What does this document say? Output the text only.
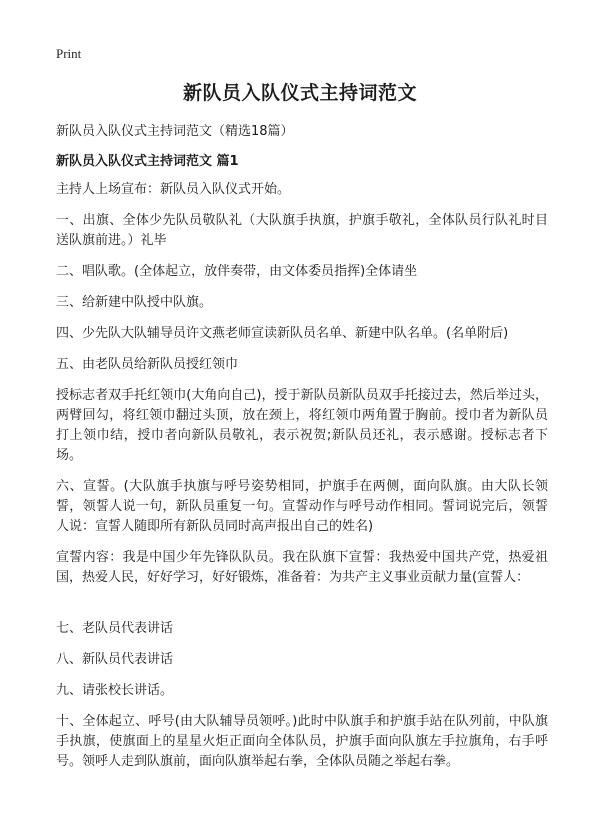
Print
新队员入队仪式主持词范文

新队员入队仪式主持词范文（精选18篇）

新队员入队仪式主持词范文 篇1

主持人上场宣布：新队员入队仪式开始。

一、出旗、全体少先队员敬队礼（大队旗手执旗，护旗手敬礼，全体队员行队礼时目送队旗前进。）礼毕

二、唱队歌。(全体起立，放伴奏带，由文体委员指挥)全体请坐

三、给新建中队授中队旗。

四、少先队大队辅导员许文燕老师宣读新队员名单、新建中队名单。(名单附后)

五、由老队员给新队员授红领巾

授标志者双手托红领巾(大角向自己)，授于新队员新队员双手托接过去，然后举过头，两臂回勾，将红领巾翻过头顶，放在颈上，将红领巾两角置于胸前。授巾者为新队员打上领巾结，授巾者向新队员敬礼，表示祝贺;新队员还礼，表示感谢。授标志者下场。

六、宣誓。(大队旗手执旗与呼号姿势相同，护旗手在两侧，面向队旗。由大队长领誓，领誓人说一句，新队员重复一句。宣誓动作与呼号动作相同。誓词说完后，领誓人说：宣誓人随即所有新队员同时高声报出自己的姓名)

宣誓内容：我是中国少年先锋队队员。我在队旗下宣誓：我热爱中国共产党，热爱祖国，热爱人民，好好学习，好好锻炼，准备着：为共产主义事业贡献力量(宣誓人：

七、老队员代表讲话

八、新队员代表讲话

九、请张校长讲话。

十、全体起立、呼号(由大队辅导员领呼。)此时中队旗手和护旗手站在队列前，中队旗手执旗，使旗面上的星星火炬正面向全体队员，护旗手面向队旗左手拉旗角，右手呼号。领呼人走到队旗前，面向队旗举起右拳，全体队员随之举起右拳。
